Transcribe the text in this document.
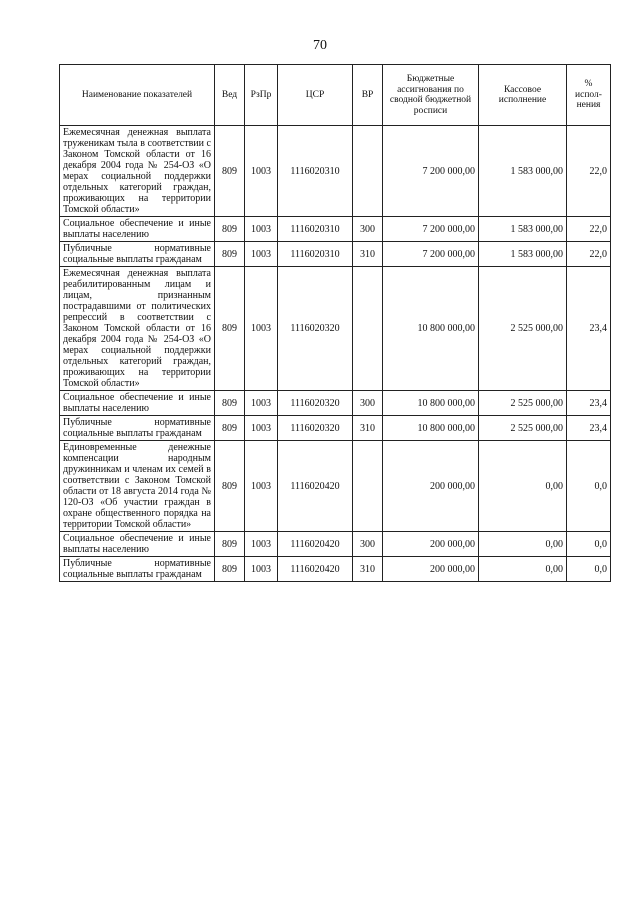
70
Наименование показателей	Вед	РзПр	ЦСР	ВР	Бюджетные ассигнования по сводной бюджетной росписи	Кассовое исполнение	% испол-нения
Ежемесячная денежная выплата труженикам тыла в соответствии с Законом Томской области от 16 декабря 2004 года № 254-ОЗ «О мерах социальной поддержки отдельных категорий граждан, проживающих на территории Томской области»	809	1003	1116020310		7 200 000,00	1 583 000,00	22,0
Социальное обеспечение и иные выплаты населению	809	1003	1116020310	300	7 200 000,00	1 583 000,00	22,0
Публичные нормативные социальные выплаты гражданам	809	1003	1116020310	310	7 200 000,00	1 583 000,00	22,0
Ежемесячная денежная выплата реабилитированным лицам и лицам, признанным пострадавшими от политических репрессий в соответствии с Законом Томской области от 16 декабря 2004 года № 254-ОЗ «О мерах социальной поддержки отдельных категорий граждан, проживающих на территории Томской области»	809	1003	1116020320		10 800 000,00	2 525 000,00	23,4
Социальное обеспечение и иные выплаты населению	809	1003	1116020320	300	10 800 000,00	2 525 000,00	23,4
Публичные нормативные социальные выплаты гражданам	809	1003	1116020320	310	10 800 000,00	2 525 000,00	23,4
Единовременные денежные компенсации народным дружинникам и членам их семей в соответствии с Законом Томской области от 18 августа 2014 года № 120-ОЗ «Об участии граждан в охране общественного порядка на территории Томской области»	809	1003	1116020420		200 000,00	0,00	0,0
Социальное обеспечение и иные выплаты населению	809	1003	1116020420	300	200 000,00	0,00	0,0
Публичные нормативные социальные выплаты гражданам	809	1003	1116020420	310	200 000,00	0,00	0,0
